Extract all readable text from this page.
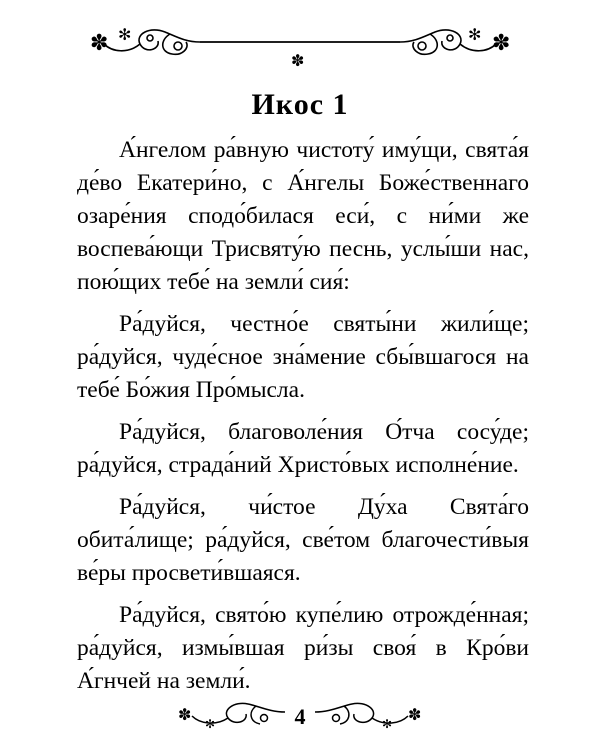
✽ ✻
✽
✻ ✽
Икос 1

А́нгелом ра́вную чистоту́ иму́щи, свята́я де́во Екатери́но, с А́нгелы Боже́ственнаго озаре́ния сподо́билася еси́, с ни́ми же воспева́ющи Трисвяту́ю песнь, услы́ши нас, пою́щих тебе́ на земли́ сия́:

Ра́дуйся, честно́е святы́ни жили́ще; ра́дуйся, чуде́сное зна́мение сбы́вшагося на тебе́ Бо́жия Про́мысла.

Ра́дуйся, благоволе́ния О́тча сосу́де; ра́дуйся, страда́ний Христо́вых исполне́ние.

Ра́дуйся, чи́стое Ду́ха Свята́го обита́лище; ра́дуйся, све́том благочести́выя ве́ры просвети́вшаяся.

Ра́дуйся, свято́ю купе́лию отрожде́нная; ра́дуйся, измы́вшая ри́зы своя́ в Кро́ви А́гнчей на земли́.

✽ ✻	✻ ✽
4
